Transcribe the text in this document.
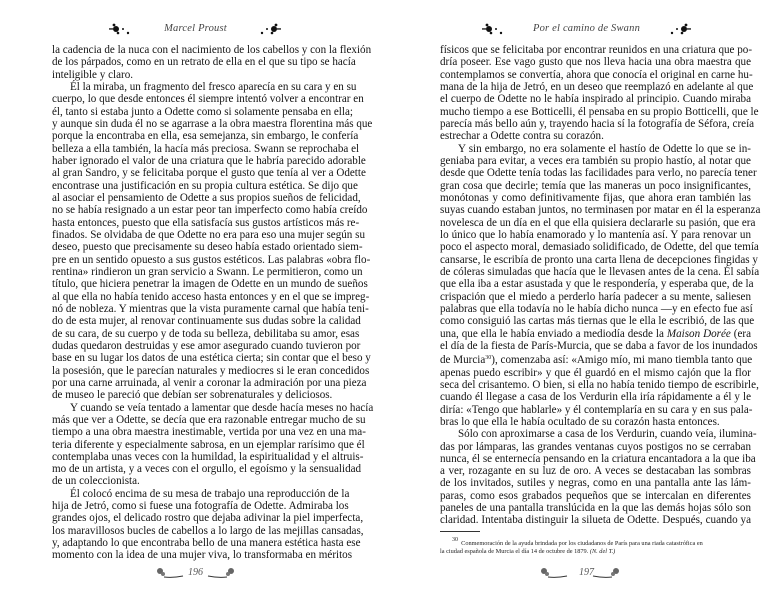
Marcel Proust
la cadencia de la nuca con el nacimiento de los cabellos y con la flexión
de los párpados, como en un retrato de ella en el que su tipo se hacía
inteligible y claro.
Él la miraba, un fragmento del fresco aparecía en su cara y en su
cuerpo, lo que desde entonces él siempre intentó volver a encontrar en
él, tanto si estaba junto a Odette como si solamente pensaba en ella;
y aunque sin duda él no se agarrase a la obra maestra florentina más que
porque la encontraba en ella, esa semejanza, sin embargo, le confería
belleza a ella también, la hacía más preciosa. Swann se reprochaba el
haber ignorado el valor de una criatura que le habría parecido adorable
al gran Sandro, y se felicitaba porque el gusto que tenía al ver a Odette
encontrase una justificación en su propia cultura estética. Se dijo que
al asociar el pensamiento de Odette a sus propios sueños de felicidad,
no se había resignado a un estar peor tan imperfecto como había creído
hasta entonces, puesto que ella satisfacía sus gustos artísticos más re-
finados. Se olvidaba de que Odette no era para eso una mujer según su
deseo, puesto que precisamente su deseo había estado orientado siem-
pre en un sentido opuesto a sus gustos estéticos. Las palabras «obra flo-
rentina» rindieron un gran servicio a Swann. Le permitieron, como un
título, que hiciera penetrar la imagen de Odette en un mundo de sueños
al que ella no había tenido acceso hasta entonces y en el que se impreg-
nó de nobleza. Y mientras que la vista puramente carnal que había teni-
do de esta mujer, al renovar continuamente sus dudas sobre la calidad
de su cara, de su cuerpo y de toda su belleza, debilitaba su amor, esas
dudas quedaron destruidas y ese amor asegurado cuando tuvieron por
base en su lugar los datos de una estética cierta; sin contar que el beso y
la posesión, que le parecían naturales y mediocres si le eran concedidos
por una carne arruinada, al venir a coronar la admiración por una pieza
de museo le pareció que debían ser sobrenaturales y deliciosos.
Y cuando se veía tentado a lamentar que desde hacía meses no hacía
más que ver a Odette, se decía que era razonable entregar mucho de su
tiempo a una obra maestra inestimable, vertida por una vez en una ma-
teria diferente y especialmente sabrosa, en un ejemplar rarísimo que él
contemplaba unas veces con la humildad, la espiritualidad y el altruis-
mo de un artista, y a veces con el orgullo, el egoísmo y la sensualidad
de un coleccionista.
Él colocó encima de su mesa de trabajo una reproducción de la
hija de Jetró, como si fuese una fotografía de Odette. Admiraba los
grandes ojos, el delicado rostro que dejaba adivinar la piel imperfecta,
los maravillosos bucles de cabellos a lo largo de las mejillas cansadas,
y, adaptando lo que encontraba bello de una manera estética hasta ese
momento con la idea de una mujer viva, lo transformaba en méritos
196
Por el camino de Swann
físicos que se felicitaba por encontrar reunidos en una criatura que po-
dría poseer. Ese vago gusto que nos lleva hacia una obra maestra que
contemplamos se convertía, ahora que conocía el original en carne hu-
mana de la hija de Jetró, en un deseo que reemplazó en adelante al que
el cuerpo de Odette no le había inspirado al principio. Cuando miraba
mucho tiempo a ese Botticelli, él pensaba en su propio Botticelli, que le
parecía más bello aún y, trayendo hacia sí la fotografía de Séfora, creía
estrechar a Odette contra su corazón.
Y sin embargo, no era solamente el hastío de Odette lo que se in-
geniaba para evitar, a veces era también su propio hastío, al notar que
desde que Odette tenía todas las facilidades para verlo, no parecía tener
gran cosa que decirle; temía que las maneras un poco insignificantes,
monótonas y como definitivamente fijas, que ahora eran también las
suyas cuando estaban juntos, no terminasen por matar en él la esperanza
novelesca de un día en el que ella quisiera declararle su pasión, que era
lo único que lo había enamorado y lo mantenía así. Y para renovar un
poco el aspecto moral, demasiado solidificado, de Odette, del que temía
cansarse, le escribía de pronto una carta llena de decepciones fingidas y
de cóleras simuladas que hacía que le llevasen antes de la cena. Él sabía
que ella iba a estar asustada y que le respondería, y esperaba que, de la
crispación que el miedo a perderlo haría padecer a su mente, saliesen
palabras que ella todavía no le había dicho nunca —y en efecto fue así
como consiguió las cartas más tiernas que le ella le escribió, de las que
una, que ella le había enviado a mediodía desde la Maison Dorée (era
el día de la fiesta de París-Murcia, que se daba a favor de los inundados
de Murcia$^{30}$), comenzaba así: «Amigo mío, mi mano tiembla tanto que
apenas puedo escribir» y que él guardó en el mismo cajón que la flor
seca del crisantemo. O bien, si ella no había tenido tiempo de escribirle,
cuando él llegase a casa de los Verdurin ella iría rápidamente a él y le
diría: «Tengo que hablarle» y él contemplaría en su cara y en sus pala-
bras lo que ella le había ocultado de su corazón hasta entonces.
Sólo con aproximarse a casa de los Verdurin, cuando veía, ilumina-
das por lámparas, las grandes ventanas cuyos postigos no se cerraban
nunca, él se enternecía pensando en la criatura encantadora a la que iba
a ver, rozagante en su luz de oro. A veces se destacaban las sombras
de los invitados, sutiles y negras, como en una pantalla ante las lám-
paras, como esos grabados pequeños que se intercalan en diferentes
paneles de una pantalla translúcida en la que las demás hojas sólo son
claridad. Intentaba distinguir la silueta de Odette. Después, cuando ya
$^{30}$ Conmemoración de la ayuda brindada por los ciudadanos de París para una riada catastrófica en
la ciudad española de Murcia el día 14 de octubre de 1879. (N. del T.)
197
